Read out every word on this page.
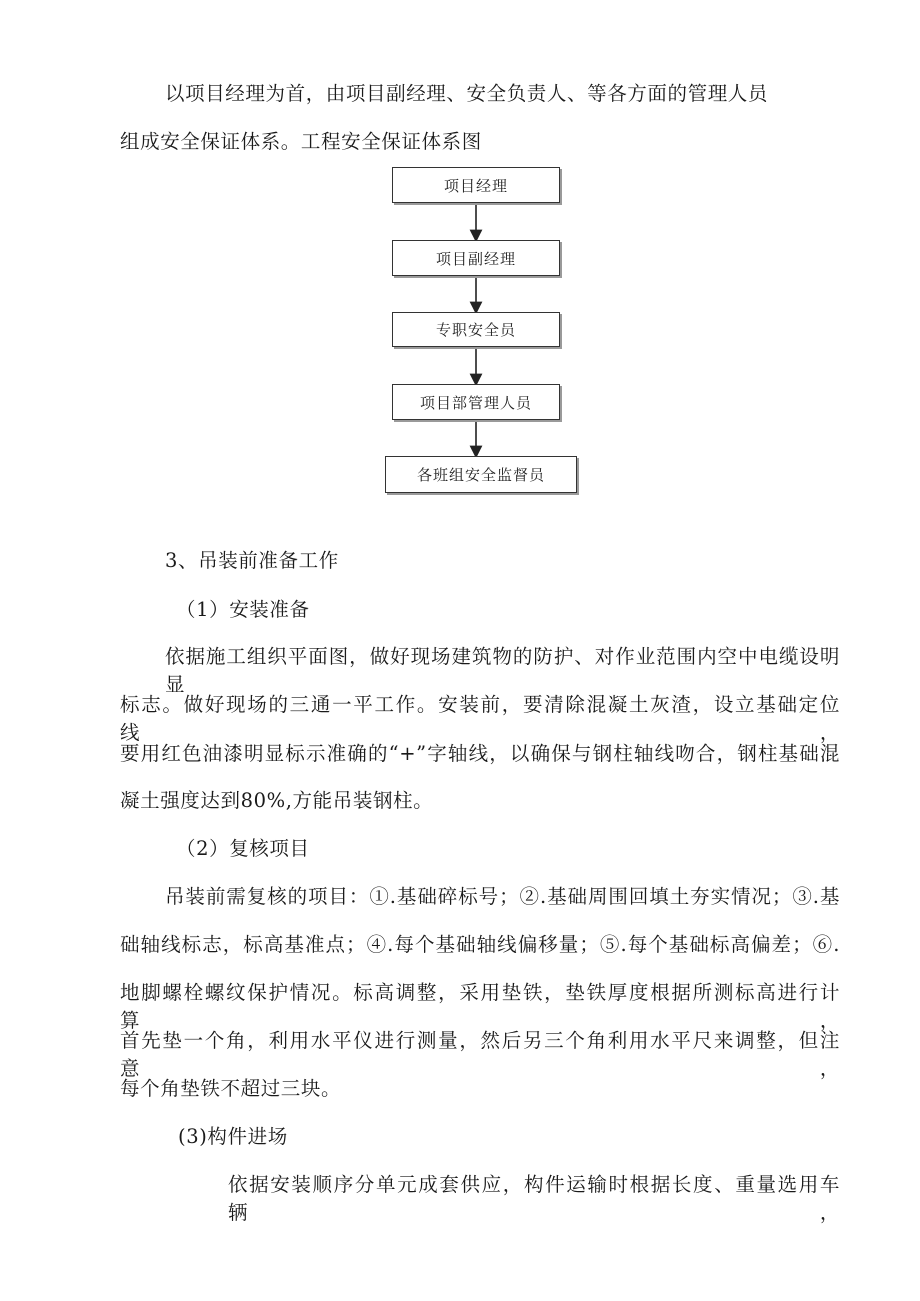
以项目经理为首，由项目副经理、安全负责人、等各方面的管理人员
组成安全保证体系。工程安全保证体系图
项目经理
项目副经理
专职安全员
项目部管理人员
各班组安全监督员
3、吊装前准备工作
（1）安装准备
依据施工组织平面图，做好现场建筑物的防护、对作业范围内空中电缆设明显
标志。做好现场的三通一平工作。安装前，要清除混凝土灰渣，设立基础定位线，
要用红色油漆明显标示准确的“+”字轴线，以确保与钢柱轴线吻合，钢柱基础混
凝土强度达到80%,方能吊装钢柱。
（2）复核项目
吊装前需复核的项目：①.基础碎标号；②.基础周围回填土夯实情况；③.基
础轴线标志，标高基准点；④.每个基础轴线偏移量；⑤.每个基础标高偏差；⑥.
地脚螺栓螺纹保护情况。标高调整，采用垫铁，垫铁厚度根据所测标高进行计算，
首先垫一个角，利用水平仪进行测量，然后另三个角利用水平尺来调整，但注意，
每个角垫铁不超过三块。
(3)构件进场
依据安装顺序分单元成套供应，构件运输时根据长度、重量选用车辆，
